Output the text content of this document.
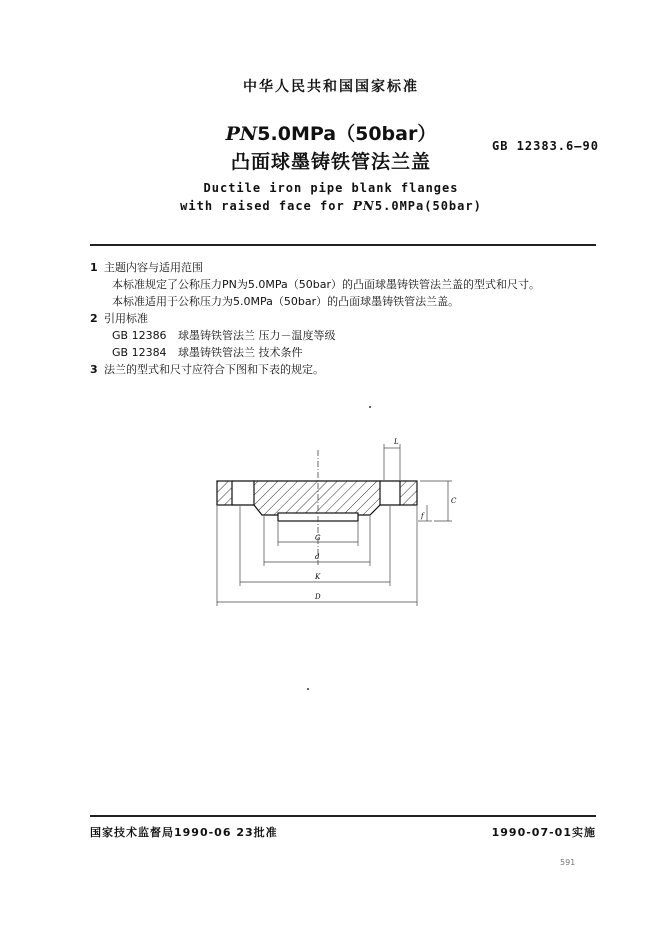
中华人民共和国国家标准
PN5.0MPa（50bar）
凸面球墨铸铁管法兰盖
Ductile iron pipe blank flanges
with raised face for PN5.0MPa(50bar)
GB 12383.6—90
1 主题内容与适用范围
本标准规定了公称压力PN为5.0MPa（50bar）的凸面球墨铸铁管法兰盖的型式和尺寸。
本标准适用于公称压力为5.0MPa（50bar）的凸面球墨铸铁管法兰盖。
2 引用标准
GB 12386 球墨铸铁管法兰 压力－温度等级
GB 12384 球墨铸铁管法兰 技术条件
3 法兰的型式和尺寸应符合下图和下表的规定。
L
f
C
G
d
K
D
国家技术监督局1990-06 23批准	1990-07-01实施
591
